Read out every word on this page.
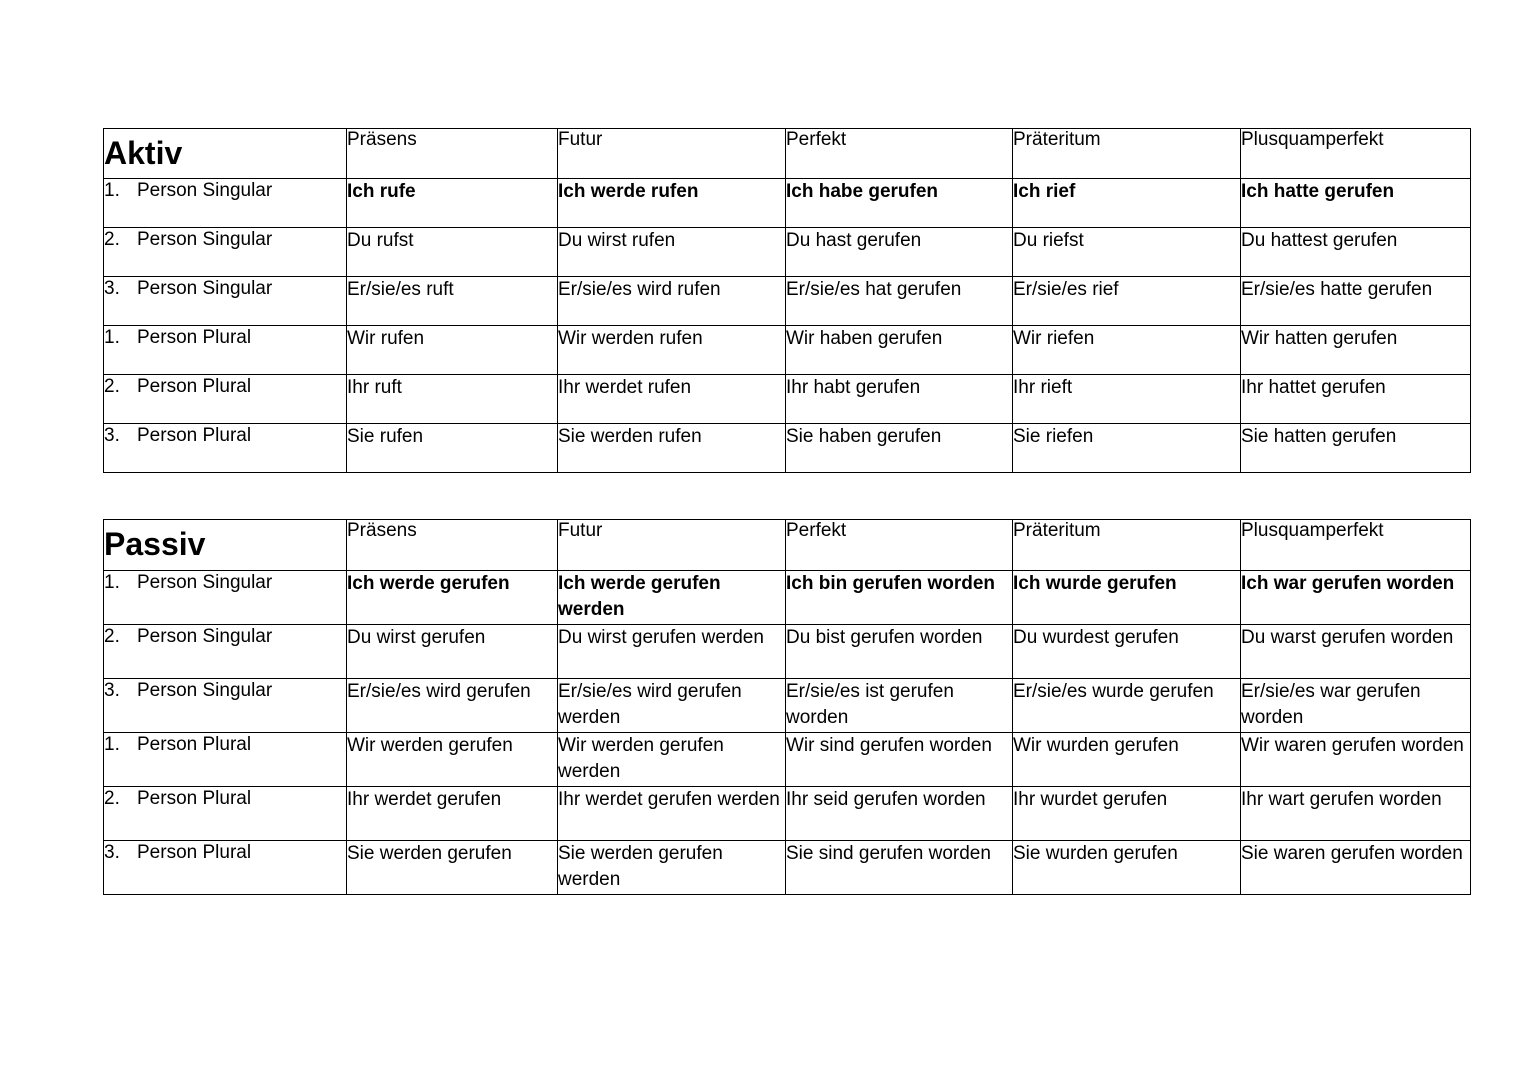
Aktiv	Präsens	Futur	Perfekt	Präteritum	Plusquamperfekt

1. Person Singular	Ich rufe	Ich werde rufen	Ich habe gerufen	Ich rief	Ich hatte gerufen
2. Person Singular	Du rufst	Du wirst rufen	Du hast gerufen	Du riefst	Du hattest gerufen
3. Person Singular	Er/sie/es ruft	Er/sie/es wird rufen	Er/sie/es hat gerufen	Er/sie/es rief	Er/sie/es hatte gerufen
1. Person Plural	Wir rufen	Wir werden rufen	Wir haben gerufen	Wir riefen	Wir hatten gerufen
2. Person Plural	Ihr ruft	Ihr werdet rufen	Ihr habt gerufen	Ihr rieft	Ihr hattet gerufen
3. Person Plural	Sie rufen	Sie werden rufen	Sie haben gerufen	Sie riefen	Sie hatten gerufen
Passiv	Präsens	Futur	Perfekt	Präteritum	Plusquamperfekt

1. Person Singular	Ich werde gerufen	Ich werde gerufen werden	Ich bin gerufen worden	Ich wurde gerufen	Ich war gerufen worden
2. Person Singular	Du wirst gerufen	Du wirst gerufen werden	Du bist gerufen worden	Du wurdest gerufen	Du warst gerufen worden
3. Person Singular	Er/sie/es wird gerufen	Er/sie/es wird gerufen werden	Er/sie/es ist gerufen worden	Er/sie/es wurde gerufen	Er/sie/es war gerufen worden
1. Person Plural	Wir werden gerufen	Wir werden gerufen werden	Wir sind gerufen worden	Wir wurden gerufen	Wir waren gerufen worden
2. Person Plural	Ihr werdet gerufen	Ihr werdet gerufen werden	Ihr seid gerufen worden	Ihr wurdet gerufen	Ihr wart gerufen worden
3. Person Plural	Sie werden gerufen	Sie werden gerufen werden	Sie sind gerufen worden	Sie wurden gerufen	Sie waren gerufen worden
